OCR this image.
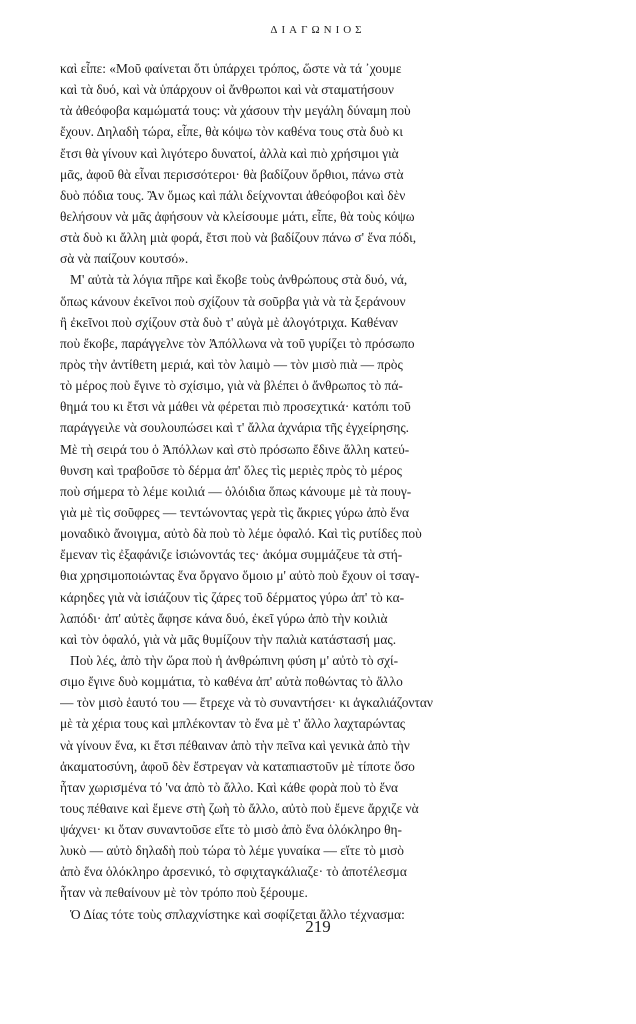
ΔΙΑΓΩΝΙΟΣ
καὶ εἶπε: «Μοῦ φαίνεται ὅτι ὑπάρχει τρόπος, ὥστε νὰ τά ᾽χουμε
καὶ τὰ δυό, καὶ νὰ ὑπάρχουν οἱ ἄνθρωποι καὶ νὰ σταματήσουν
τὰ ἀθεόφοβα καμώματά τους: νὰ χάσουν τὴν μεγάλη δύναμη ποὺ
ἔχουν. Δηλαδὴ τώρα, εἶπε, θὰ κόψω τὸν καθένα τους στὰ δυὸ κι
ἔτσι θὰ γίνουν καὶ λιγότερο δυνατοί, ἀλλὰ καὶ πιὸ χρήσιμοι γιὰ
μᾶς, ἀφοῦ θὰ εἶναι περισσότεροι· θὰ βαδίζουν ὄρθιοι, πάνω στὰ
δυὸ πόδια τους. Ἂν ὅμως καὶ πάλι δείχνονται ἀθεόφοβοι καὶ δὲν
θελήσουν νὰ μᾶς ἀφήσουν νὰ κλείσουμε μάτι, εἶπε, θὰ τοὺς κόψω
στὰ δυὸ κι ἄλλη μιὰ φορά, ἔτσι ποὺ νὰ βαδίζουν πάνω σ' ἕνα πόδι,
σὰ νὰ παίζουν κουτσό».
Μ' αὐτὰ τὰ λόγια πῆρε καὶ ἔκοβε τοὺς ἀνθρώπους στὰ δυό, νά,
ὅπως κάνουν ἐκεῖνοι ποὺ σχίζουν τὰ σοῦρβα γιὰ νὰ τὰ ξεράνουν
ἢ ἐκεῖνοι ποὺ σχίζουν στὰ δυὸ τ' αὐγὰ μὲ ἀλογότριχα. Καθέναν
ποὺ ἔκοβε, παράγγελνε τὸν Ἀπόλλωνα νὰ τοῦ γυρίζει τὸ πρόσωπο
πρὸς τὴν ἀντίθετη μεριά, καὶ τὸν λαιμὸ — τὸν μισὸ πιὰ — πρὸς
τὸ μέρος ποὺ ἔγινε τὸ σχίσιμο, γιὰ νὰ βλέπει ὁ ἄνθρωπος τὸ πά-
θημά του κι ἔτσι νὰ μάθει νὰ φέρεται πιὸ προσεχτικά· κατόπι τοῦ
παράγγειλε νὰ σουλουπώσει καὶ τ' ἄλλα ἀχνάρια τῆς ἐγχείρησης.
Μὲ τὴ σειρά του ὁ Ἀπόλλων καὶ στὸ πρόσωπο ἔδινε ἄλλη κατεύ-
θυνση καὶ τραβοῦσε τὸ δέρμα ἀπ' ὅλες τὶς μεριὲς πρὸς τὸ μέρος
ποὺ σήμερα τὸ λέμε κοιλιά — ὁλόιδια ὅπως κάνουμε μὲ τὰ πουγ-
γιὰ μὲ τὶς σοῦφρες — τεντώνοντας γερὰ τὶς ἄκριες γύρω ἀπὸ ἕνα
μοναδικὸ ἄνοιγμα, αὐτὸ δὰ ποὺ τὸ λέμε ὀφαλό. Καὶ τὶς ρυτίδες ποὺ
ἔμεναν τὶς ἐξαφάνιζε ἰσιώνοντάς τες· ἀκόμα συμμάζευε τὰ στή-
θια χρησιμοποιώντας ἕνα ὄργανο ὅμοιο μ' αὐτὸ ποὺ ἔχουν οἱ τσαγ-
κάρηδες γιὰ νὰ ἰσιάζουν τὶς ζάρες τοῦ δέρματος γύρω ἀπ' τὸ κα-
λαπόδι· ἀπ' αὐτὲς ἄφησε κάνα δυό, ἐκεῖ γύρω ἀπὸ τὴν κοιλιὰ
καὶ τὸν ὀφαλό, γιὰ νὰ μᾶς θυμίζουν τὴν παλιὰ κατάστασή μας.
Ποὺ λές, ἀπὸ τὴν ὥρα ποὺ ἡ ἀνθρώπινη φύση μ' αὐτὸ τὸ σχί-
σιμο ἔγινε δυὸ κομμάτια, τὸ καθένα ἀπ' αὐτὰ ποθώντας τὸ ἄλλο
— τὸν μισὸ ἑαυτό του — ἔτρεχε νὰ τὸ συναντήσει· κι ἀγκαλιάζονταν
μὲ τὰ χέρια τους καὶ μπλέκονταν τὸ ἕνα μὲ τ' ἄλλο λαχταρώντας
νὰ γίνουν ἕνα, κι ἔτσι πέθαιναν ἀπὸ τὴν πεῖνα καὶ γενικὰ ἀπὸ τὴν
ἀκαματοσύνη, ἀφοῦ δὲν ἔστρεγαν νὰ καταπιαστοῦν μὲ τίποτε ὅσο
ἦταν χωρισμένα τό 'να ἀπὸ τὸ ἄλλο. Καὶ κάθε φορὰ ποὺ τὸ ἕνα
τους πέθαινε καὶ ἔμενε στὴ ζωὴ τὸ ἄλλο, αὐτὸ ποὺ ἔμενε ἄρχιζε νὰ
ψάχνει· κι ὅταν συναντοῦσε εἴτε τὸ μισὸ ἀπὸ ἕνα ὁλόκληρο θη-
λυκὸ — αὐτὸ δηλαδὴ ποὺ τώρα τὸ λέμε γυναίκα — εἴτε τὸ μισὸ
ἀπὸ ἕνα ὁλόκληρο ἀρσενικό, τὸ σφιχταγκάλιαζε· τὸ ἀποτέλεσμα
ἦταν νὰ πεθαίνουν μὲ τὸν τρόπο ποὺ ξέρουμε.
Ὁ Δίας τότε τοὺς σπλαχνίστηκε καὶ σοφίζεται ἄλλο τέχνασμα:
219
